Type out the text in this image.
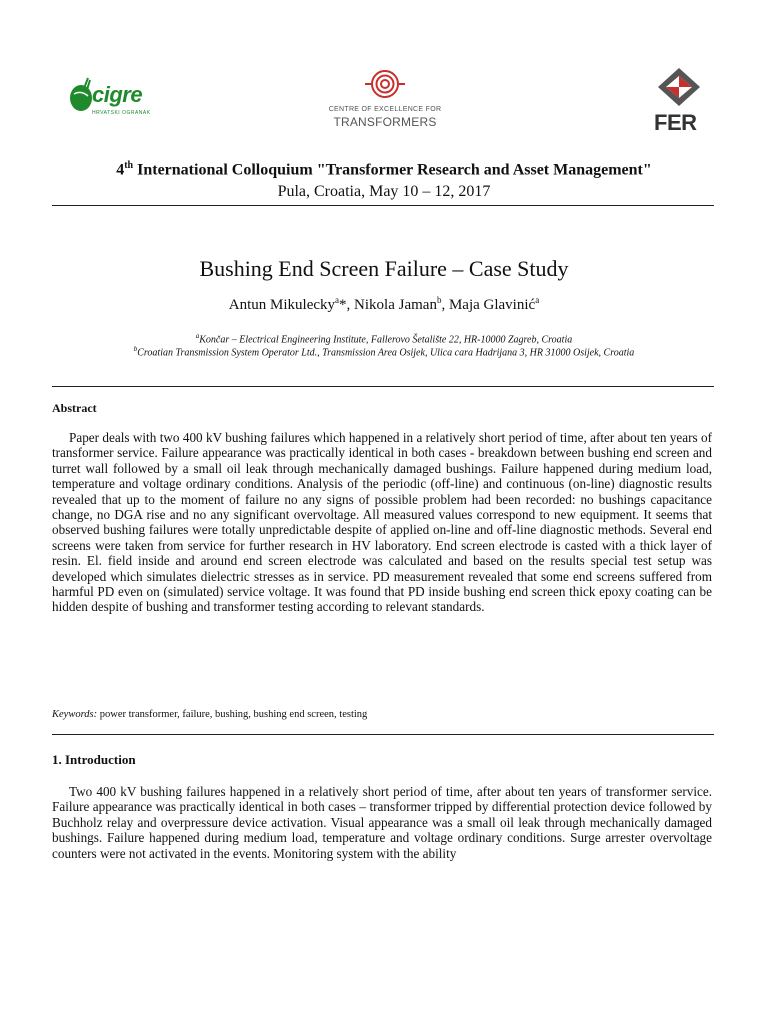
cigre
HRVATSKI OGRANAK	CENTRE OF EXCELLENCE FOR
TRANSFORMERS	FER
4th International Colloquium "Transformer Research and Asset Management"
Pula, Croatia, May 10 – 12, 2017
Bushing End Screen Failure – Case Study
Antun Mikulecky$^a$*, Nikola Jaman$^b$, Maja Glavinić$^a$
$^a$Končar – Electrical Engineering Institute, Fallerovo Šetalište 22, HR-10000 Zagreb, Croatia
$^b$Croatian Transmission System Operator Ltd., Transmission Area Osijek, Ulica cara Hadrijana 3, HR 31000 Osijek, Croatia
Abstract

Paper deals with two 400 kV bushing failures which happened in a relatively short period of time, after about ten years of transformer service. Failure appearance was practically identical in both cases - breakdown between bushing end screen and turret wall followed by a small oil leak through mechanically damaged bushings. Failure happened during medium load, temperature and voltage ordinary conditions. Analysis of the periodic (off-line) and continuous (on-line) diagnostic results revealed that up to the moment of failure no any signs of possible problem had been recorded: no bushings capacitance change, no DGA rise and no any significant overvoltage. All measured values correspond to new equipment. It seems that observed bushing failures were totally unpredictable despite of applied on-line and off-line diagnostic methods. Several end screens were taken from service for further research in HV laboratory. End screen electrode is casted with a thick layer of resin. El. field inside and around end screen electrode was calculated and based on the results special test setup was developed which simulates dielectric stresses as in service. PD measurement revealed that some end screens suffered from harmful PD even on (simulated) service voltage. It was found that PD inside bushing end screen thick epoxy coating can be hidden despite of bushing and transformer testing according to relevant standards.

Keywords: power transformer, failure, bushing, bushing end screen, testing
1. Introduction

Two 400 kV bushing failures happened in a relatively short period of time, after about ten years of transformer service. Failure appearance was practically identical in both cases – transformer tripped by differential protection device followed by Buchholz relay and overpressure device activation. Visual appearance was a small oil leak through mechanically damaged bushings. Failure happened during medium load, temperature and voltage ordinary conditions. Surge arrester overvoltage counters were not activated in the events. Monitoring system with the ability
